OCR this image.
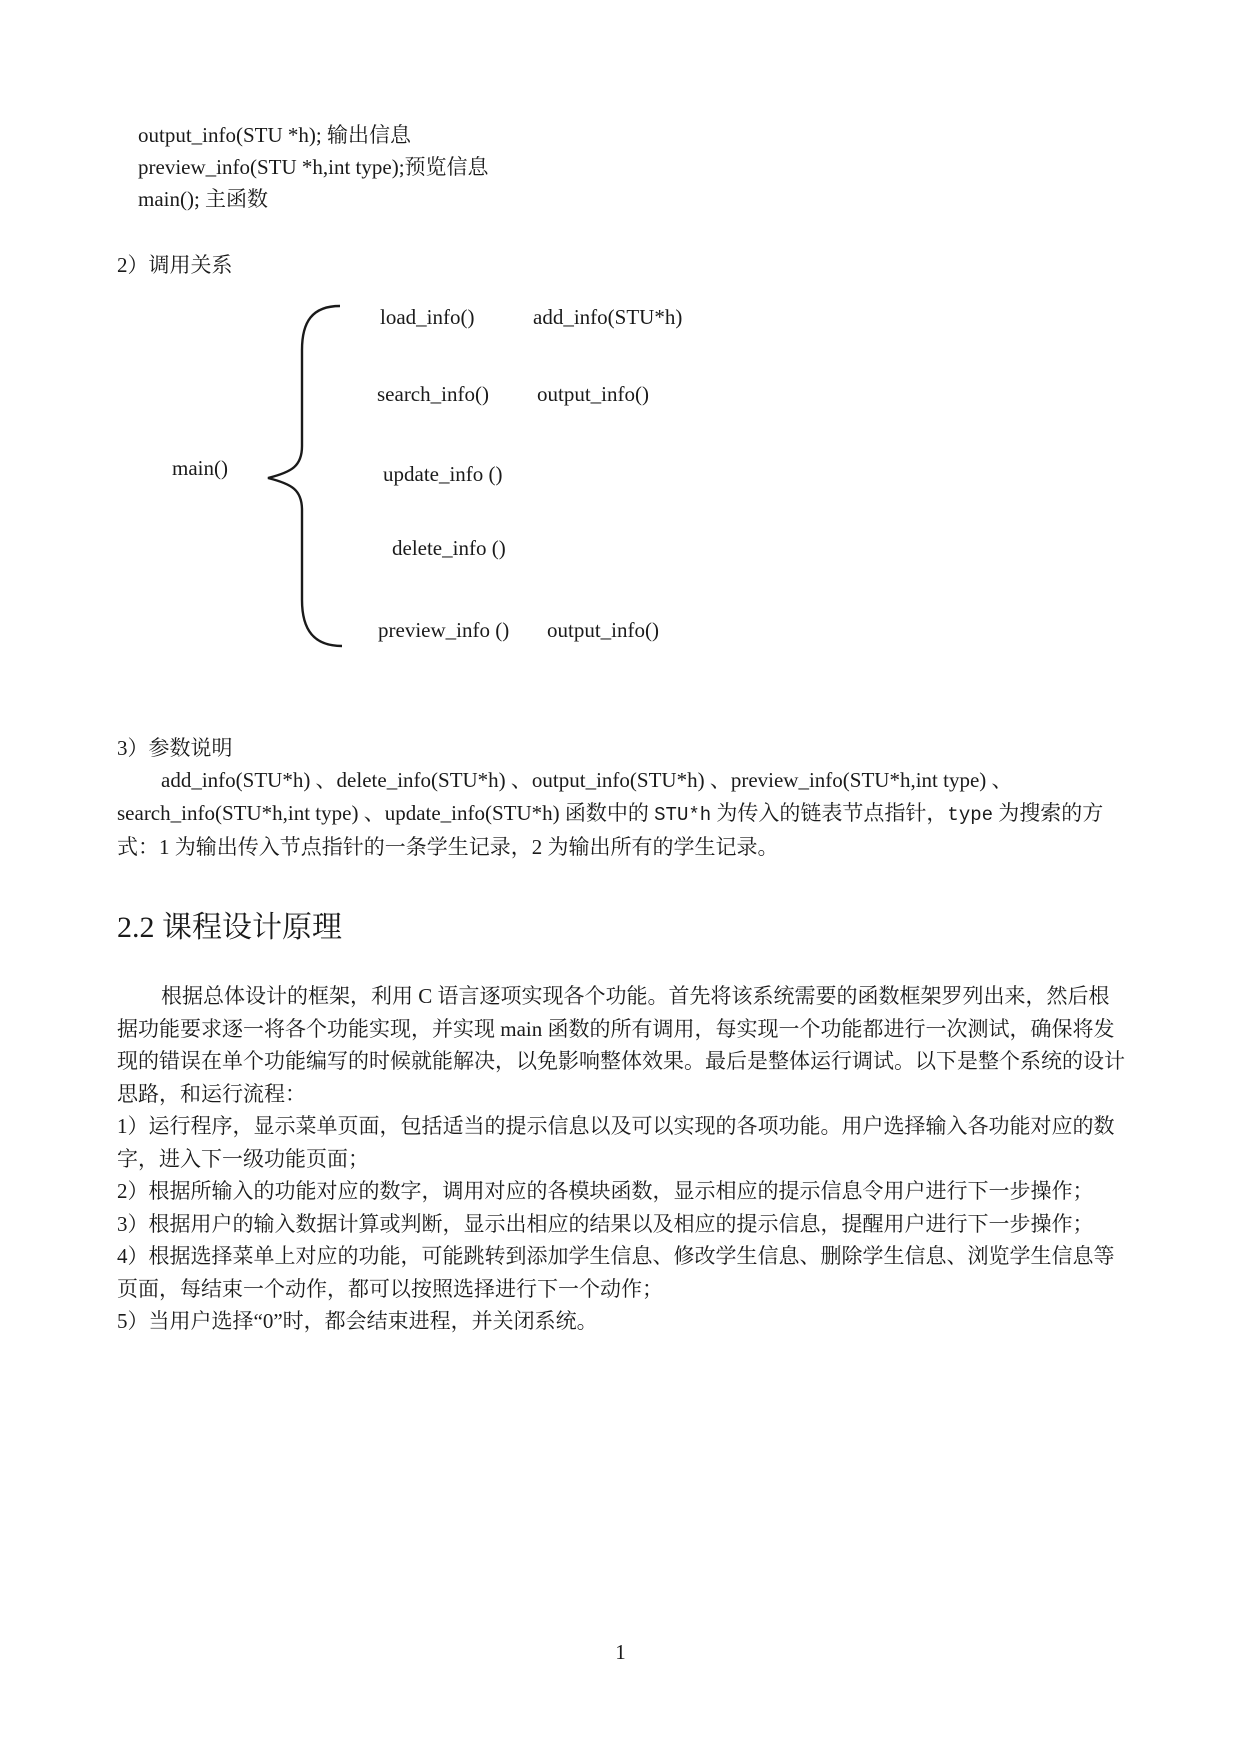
output_info(STU *h); 输出信息
preview_info(STU *h,int type);预览信息
main(); 主函数
2）调用关系
main()
load_info()	add_info(STU*h)
search_info() output_info()
update_info ()
delete_info ()
preview_info () output_info()
3）参数说明

add_info(STU*h) 、delete_info(STU*h) 、output_info(STU*h) 、preview_info(STU*h,int type) 、 search_info(STU*h,int type) 、update_info(STU*h) 函数中的 STU*h 为传入的链表节点指针，type 为搜索的方式：1 为输出传入节点指针的一条学生记录，2 为输出所有的学生记录。

2.2 课程设计原理

根据总体设计的框架，利用 C 语言逐项实现各个功能。首先将该系统需要的函数框架罗列出来，然后根据功能要求逐一将各个功能实现，并实现 main 函数的所有调用，每实现一个功能都进行一次测试，确保将发现的错误在单个功能编写的时候就能解决，以免影响整体效果。最后是整体运行调试。以下是整个系统的设计思路，和运行流程：

1）运行程序，显示菜单页面，包括适当的提示信息以及可以实现的各项功能。用户选择输入各功能对应的数字，进入下一级功能页面；
2）根据所输入的功能对应的数字，调用对应的各模块函数，显示相应的提示信息令用户进行下一步操作；
3）根据用户的输入数据计算或判断，显示出相应的结果以及相应的提示信息，提醒用户进行下一步操作；
4）根据选择菜单上对应的功能，可能跳转到添加学生信息、修改学生信息、删除学生信息、浏览学生信息等页面，每结束一个动作，都可以按照选择进行下一个动作；
5）当用户选择“0”时，都会结束进程，并关闭系统。
1
